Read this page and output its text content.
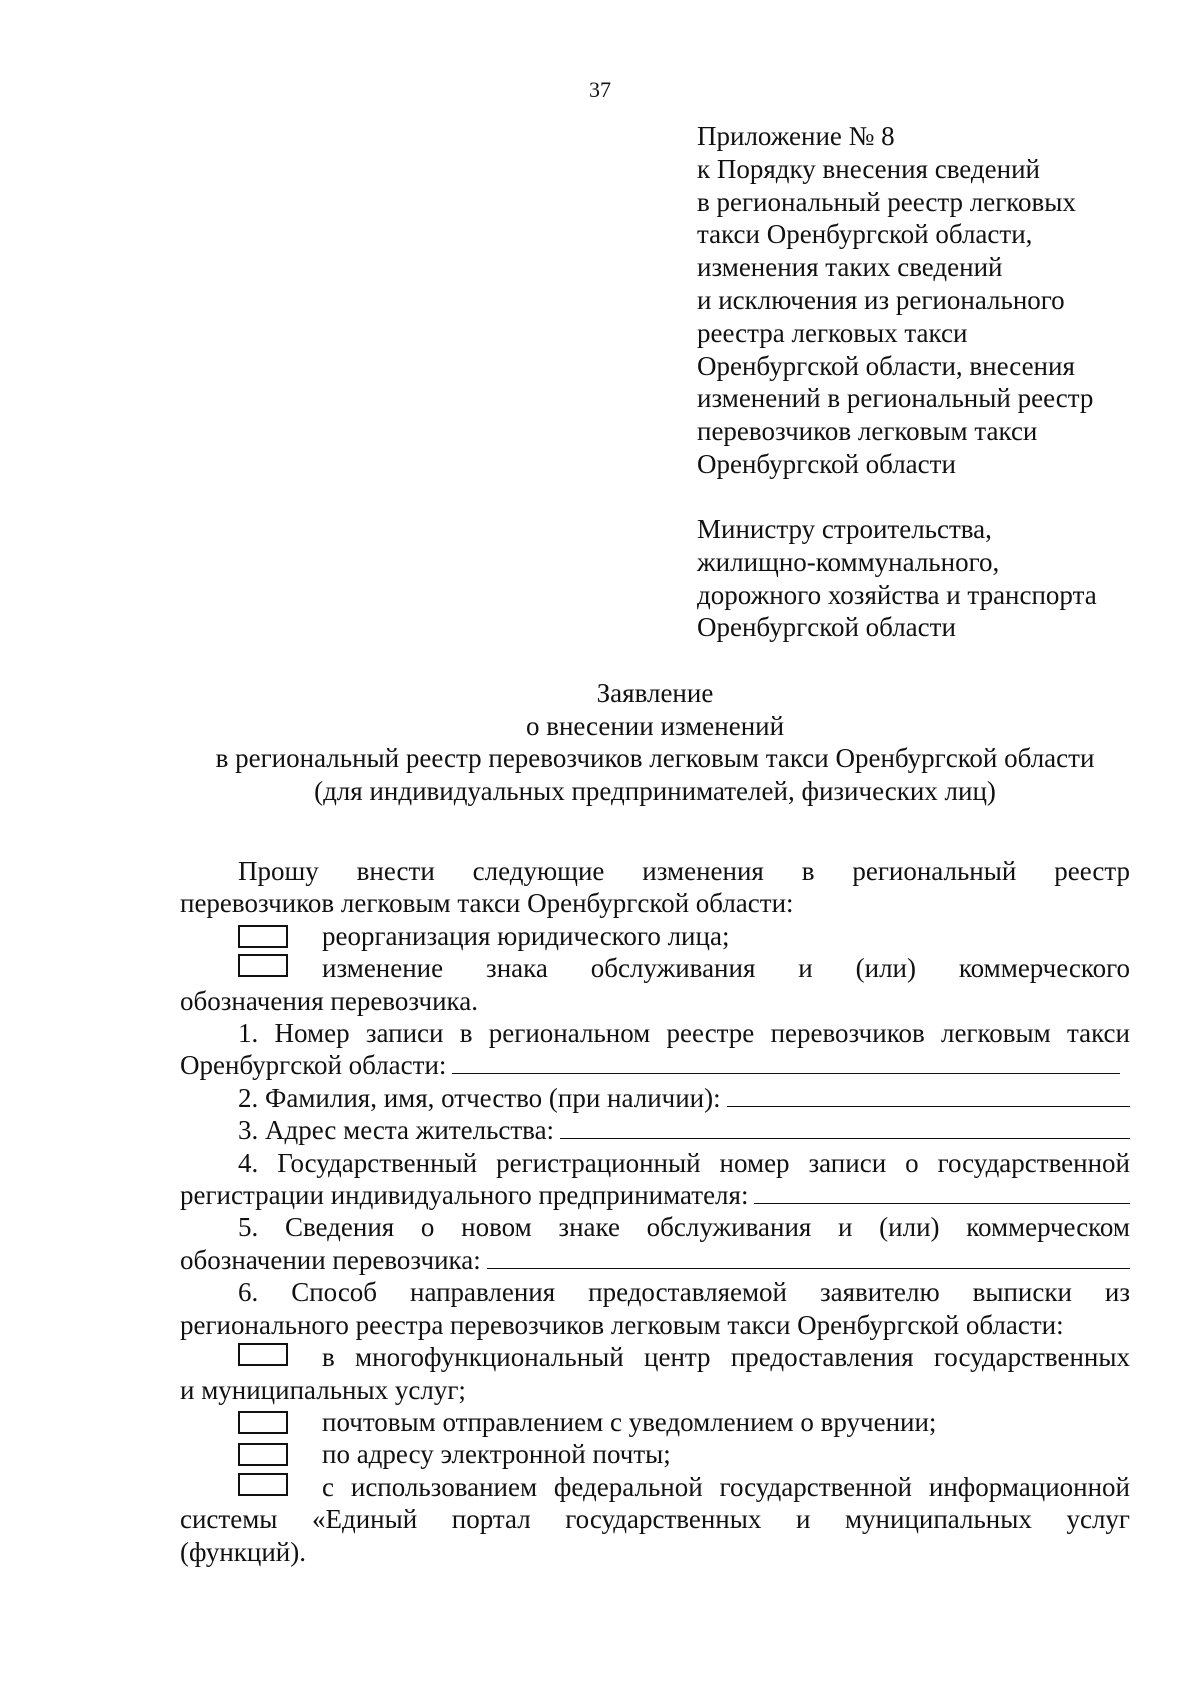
37
Приложение № 8
к Порядку внесения сведений
в региональный реестр легковых
такси Оренбургской области,
изменения таких сведений
и исключения из регионального
реестра легковых такси
Оренбургской области, внесения
изменений в региональный реестр
перевозчиков легковым такси
Оренбургской области
Министру строительства,
жилищно-коммунального,
дорожного хозяйства и транспорта
Оренбургской области
Заявление
о внесении изменений
в региональный реестр перевозчиков легковым такси Оренбургской области
(для индивидуальных предпринимателей, физических лиц)
Прошу внести следующие изменения в региональный реестр
перевозчиков легковым такси Оренбургской области:
реорганизация юридического лица;
изменение знака обслуживания и (или) коммерческого
обозначения перевозчика.
1. Номер записи в региональном реестре перевозчиков легковым такси
Оренбургской области:
2. Фамилия, имя, отчество (при наличии):
3. Адрес места жительства:
4. Государственный регистрационный номер записи о государственной
регистрации индивидуального предпринимателя:
5. Сведения о новом знаке обслуживания и (или) коммерческом
обозначении перевозчика:
6. Способ направления предоставляемой заявителю выписки из
регионального реестра перевозчиков легковым такси Оренбургской области:
в многофункциональный центр предоставления государственных
и муниципальных услуг;
почтовым отправлением с уведомлением о вручении;
по адресу электронной почты;
с использованием федеральной государственной информационной
системы «Единый портал государственных и муниципальных услуг
(функций).
